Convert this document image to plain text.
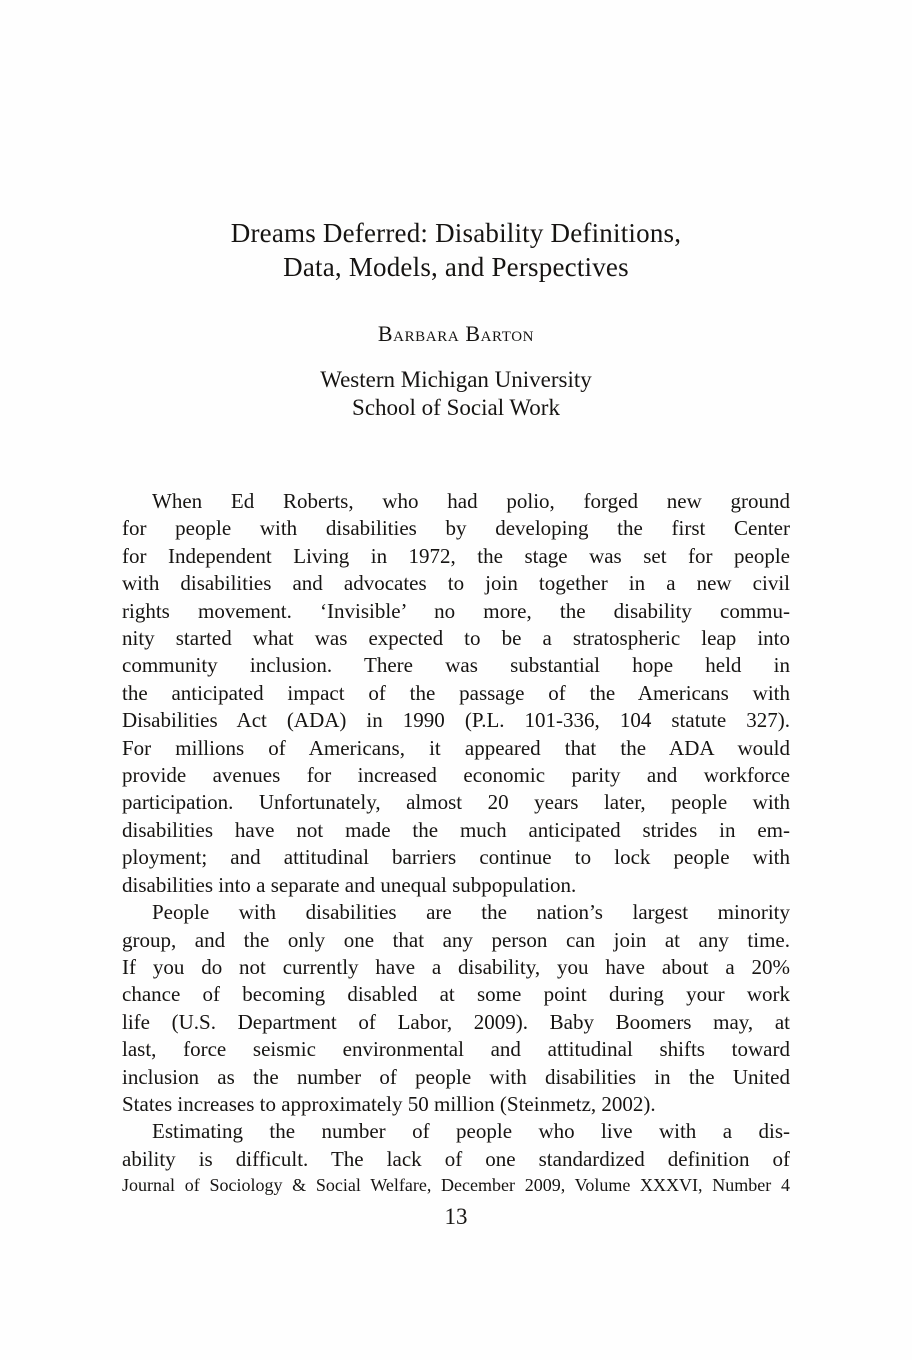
Dreams Deferred: Disability Definitions,
Data, Models, and Perspectives
Barbara Barton
Western Michigan University
School of Social Work
When Ed Roberts, who had polio, forged new ground
for people with disabilities by developing the first Center
for Independent Living in 1972, the stage was set for people
with disabilities and advocates to join together in a new civil
rights movement. ‘Invisible’ no more, the disability commu-
nity started what was expected to be a stratospheric leap into
community inclusion. There was substantial hope held in
the anticipated impact of the passage of the Americans with
Disabilities Act (ADA) in 1990 (P.L. 101-336, 104 statute 327).
For millions of Americans, it appeared that the ADA would
provide avenues for increased economic parity and workforce
participation. Unfortunately, almost 20 years later, people with
disabilities have not made the much anticipated strides in em-
ployment; and attitudinal barriers continue to lock people with
disabilities into a separate and unequal subpopulation.
People with disabilities are the nation’s largest minority
group, and the only one that any person can join at any time.
If you do not currently have a disability, you have about a 20%
chance of becoming disabled at some point during your work
life (U.S. Department of Labor, 2009). Baby Boomers may, at
last, force seismic environmental and attitudinal shifts toward
inclusion as the number of people with disabilities in the United
States increases to approximately 50 million (Steinmetz, 2002).
Estimating the number of people who live with a dis-
ability is difficult. The lack of one standardized definition of
Journal of Sociology & Social Welfare, December 2009, Volume XXXVI, Number 4
13
